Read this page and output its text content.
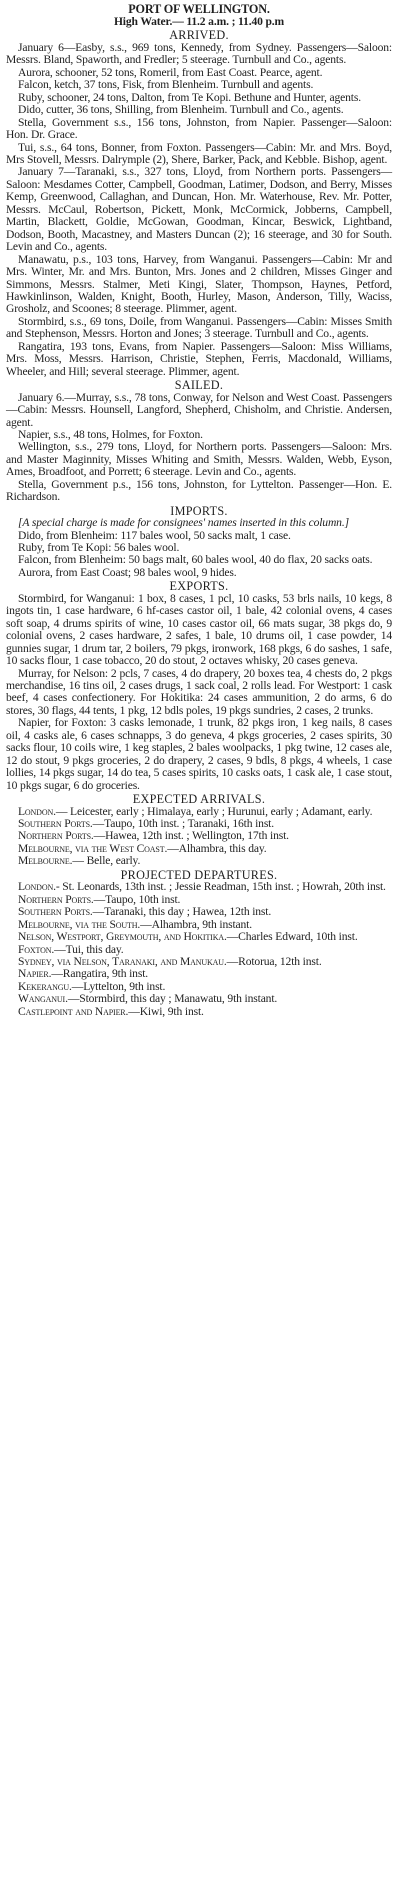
PORT OF WELLINGTON.
High Water.— 11.2 a.m. ; 11.40 p.m
ARRIVED.

January 6—Easby, s.s., 969 tons, Kennedy, from Sydney. Passengers—Saloon: Messrs. Bland, Spaworth, and Fredler; 5 steerage. Turnbull and Co., agents.

Aurora, schooner, 52 tons, Romeril, from East Coast. Pearce, agent.

Falcon, ketch, 37 tons, Fisk, from Blenheim. Turnbull and agents.

Ruby, schooner, 24 tons, Dalton, from Te Kopi. Bethune and Hunter, agents.

Dido, cutter, 36 tons, Shilling, from Blenheim. Turnbull and Co., agents.

Stella, Government s.s., 156 tons, Johnston, from Napier. Passenger—Saloon: Hon. Dr. Grace.

Tui, s.s., 64 tons, Bonner, from Foxton. Passengers—Cabin: Mr. and Mrs. Boyd, Mrs Stovell, Messrs. Dalrymple (2), Shere, Barker, Pack, and Kebble. Bishop, agent.

January 7—Taranaki, s.s., 327 tons, Lloyd, from Northern ports. Passengers—Saloon: Mesdames Cotter, Campbell, Goodman, Latimer, Dodson, and Berry, Misses Kemp, Greenwood, Callaghan, and Duncan, Hon. Mr. Waterhouse, Rev. Mr. Potter, Messrs. McCaul, Robertson, Pickett, Monk, McCormick, Jobberns, Campbell, Martin, Blackett, Goldie, McGowan, Goodman, Kincar, Beswick, Lightband, Dodson, Booth, Macastney, and Masters Duncan (2); 16 steerage, and 30 for South. Levin and Co., agents.

Manawatu, p.s., 103 tons, Harvey, from Wanganui. Passengers—Cabin: Mr and Mrs. Winter, Mr. and Mrs. Bunton, Mrs. Jones and 2 children, Misses Ginger and Simmons, Messrs. Stalmer, Meti Kingi, Slater, Thompson, Haynes, Petford, Hawkinlinson, Walden, Knight, Booth, Hurley, Mason, Anderson, Tilly, Waciss, Grosholz, and Scoones; 8 steerage. Plimmer, agent.

Stormbird, s.s., 69 tons, Doile, from Wanganui. Passengers—Cabin: Misses Smith and Stephenson, Messrs. Horton and Jones; 3 steerage. Turnbull and Co., agents.

Rangatira, 193 tons, Evans, from Napier. Passengers—Saloon: Miss Williams, Mrs. Moss, Messrs. Harrison, Christie, Stephen, Ferris, Macdonald, Williams, Wheeler, and Hill; several steerage. Plimmer, agent.

SAILED.

January 6.—Murray, s.s., 78 tons, Conway, for Nelson and West Coast. Passengers—Cabin: Messrs. Hounsell, Langford, Shepherd, Chisholm, and Christie. Andersen, agent.

Napier, s.s., 48 tons, Holmes, for Foxton.

Wellington, s.s., 279 tons, Lloyd, for Northern ports. Passengers—Saloon: Mrs. and Master Maginnity, Misses Whiting and Smith, Messrs. Walden, Webb, Eyson, Ames, Broadfoot, and Porrett; 6 steerage. Levin and Co., agents.

Stella, Government p.s., 156 tons, Johnston, for Lyttelton. Passenger—Hon. E. Richardson.

IMPORTS.

[A special charge is made for consignees' names inserted in this column.]

Dido, from Blenheim: 117 bales wool, 50 sacks malt, 1 case.

Ruby, from Te Kopi: 56 bales wool.

Falcon, from Blenheim: 50 bags malt, 60 bales wool, 40 do flax, 20 sacks oats.

Aurora, from East Coast; 98 bales wool, 9 hides.

EXPORTS.

Stormbird, for Wanganui: 1 box, 8 cases, 1 pcl, 10 casks, 53 brls nails, 10 kegs, 8 ingots tin, 1 case hardware, 6 hf-cases castor oil, 1 bale, 42 colonial ovens, 4 cases soft soap, 4 drums spirits of wine, 10 cases castor oil, 66 mats sugar, 38 pkgs do, 9 colonial ovens, 2 cases hardware, 2 safes, 1 bale, 10 drums oil, 1 case powder, 14 gunnies sugar, 1 drum tar, 2 boilers, 79 pkgs, ironwork, 168 pkgs, 6 do sashes, 1 safe, 10 sacks flour, 1 case tobacco, 20 do stout, 2 octaves whisky, 20 cases geneva.

Murray, for Nelson: 2 pcls, 7 cases, 4 do drapery, 20 boxes tea, 4 chests do, 2 pkgs merchandise, 16 tins oil, 2 cases drugs, 1 sack coal, 2 rolls lead. For Westport: 1 cask beef, 4 cases confectionery. For Hokitika: 24 cases ammunition, 2 do arms, 6 do stores, 30 flags, 44 tents, 1 pkg, 12 bdls poles, 19 pkgs sundries, 2 cases, 2 trunks.

Napier, for Foxton: 3 casks lemonade, 1 trunk, 82 pkgs iron, 1 keg nails, 8 cases oil, 4 casks ale, 6 cases schnapps, 3 do geneva, 4 pkgs groceries, 2 cases spirits, 30 sacks flour, 10 coils wire, 1 keg staples, 2 bales woolpacks, 1 pkg twine, 12 cases ale, 12 do stout, 9 pkgs groceries, 2 do drapery, 2 cases, 9 bdls, 8 pkgs, 4 wheels, 1 case lollies, 14 pkgs sugar, 14 do tea, 5 cases spirits, 10 casks oats, 1 cask ale, 1 case stout, 10 pkgs sugar, 6 do groceries.

EXPECTED ARRIVALS.

London.— Leicester, early ; Himalaya, early ; Hurunui, early ; Adamant, early.

Southern Ports.—Taupo, 10th inst. ; Taranaki, 16th inst.

Northern Ports.—Hawea, 12th inst. ; Wellington, 17th inst.

Melbourne, via the West Coast.—Alhambra, this day.

Melbourne.— Belle, early.

PROJECTED DEPARTURES.

London.- St. Leonards, 13th inst. ; Jessie Readman, 15th inst. ; Howrah, 20th inst.

Northern Ports.—Taupo, 10th inst.

Southern Ports.—Taranaki, this day ; Hawea, 12th inst.

Melbourne, via the South.—Alhambra, 9th instant.

Nelson, Westport, Greymouth, and Hokitika.—Charles Edward, 10th inst.

Foxton.—Tui, this day.

Sydney, via Nelson, Taranaki, and Manukau.—Rotorua, 12th inst.

Napier.—Rangatira, 9th inst.

Kekerangu.—Lyttelton, 9th inst.

Wanganui.—Stormbird, this day ; Manawatu, 9th instant.

Castlepoint and Napier.—Kiwi, 9th inst.
